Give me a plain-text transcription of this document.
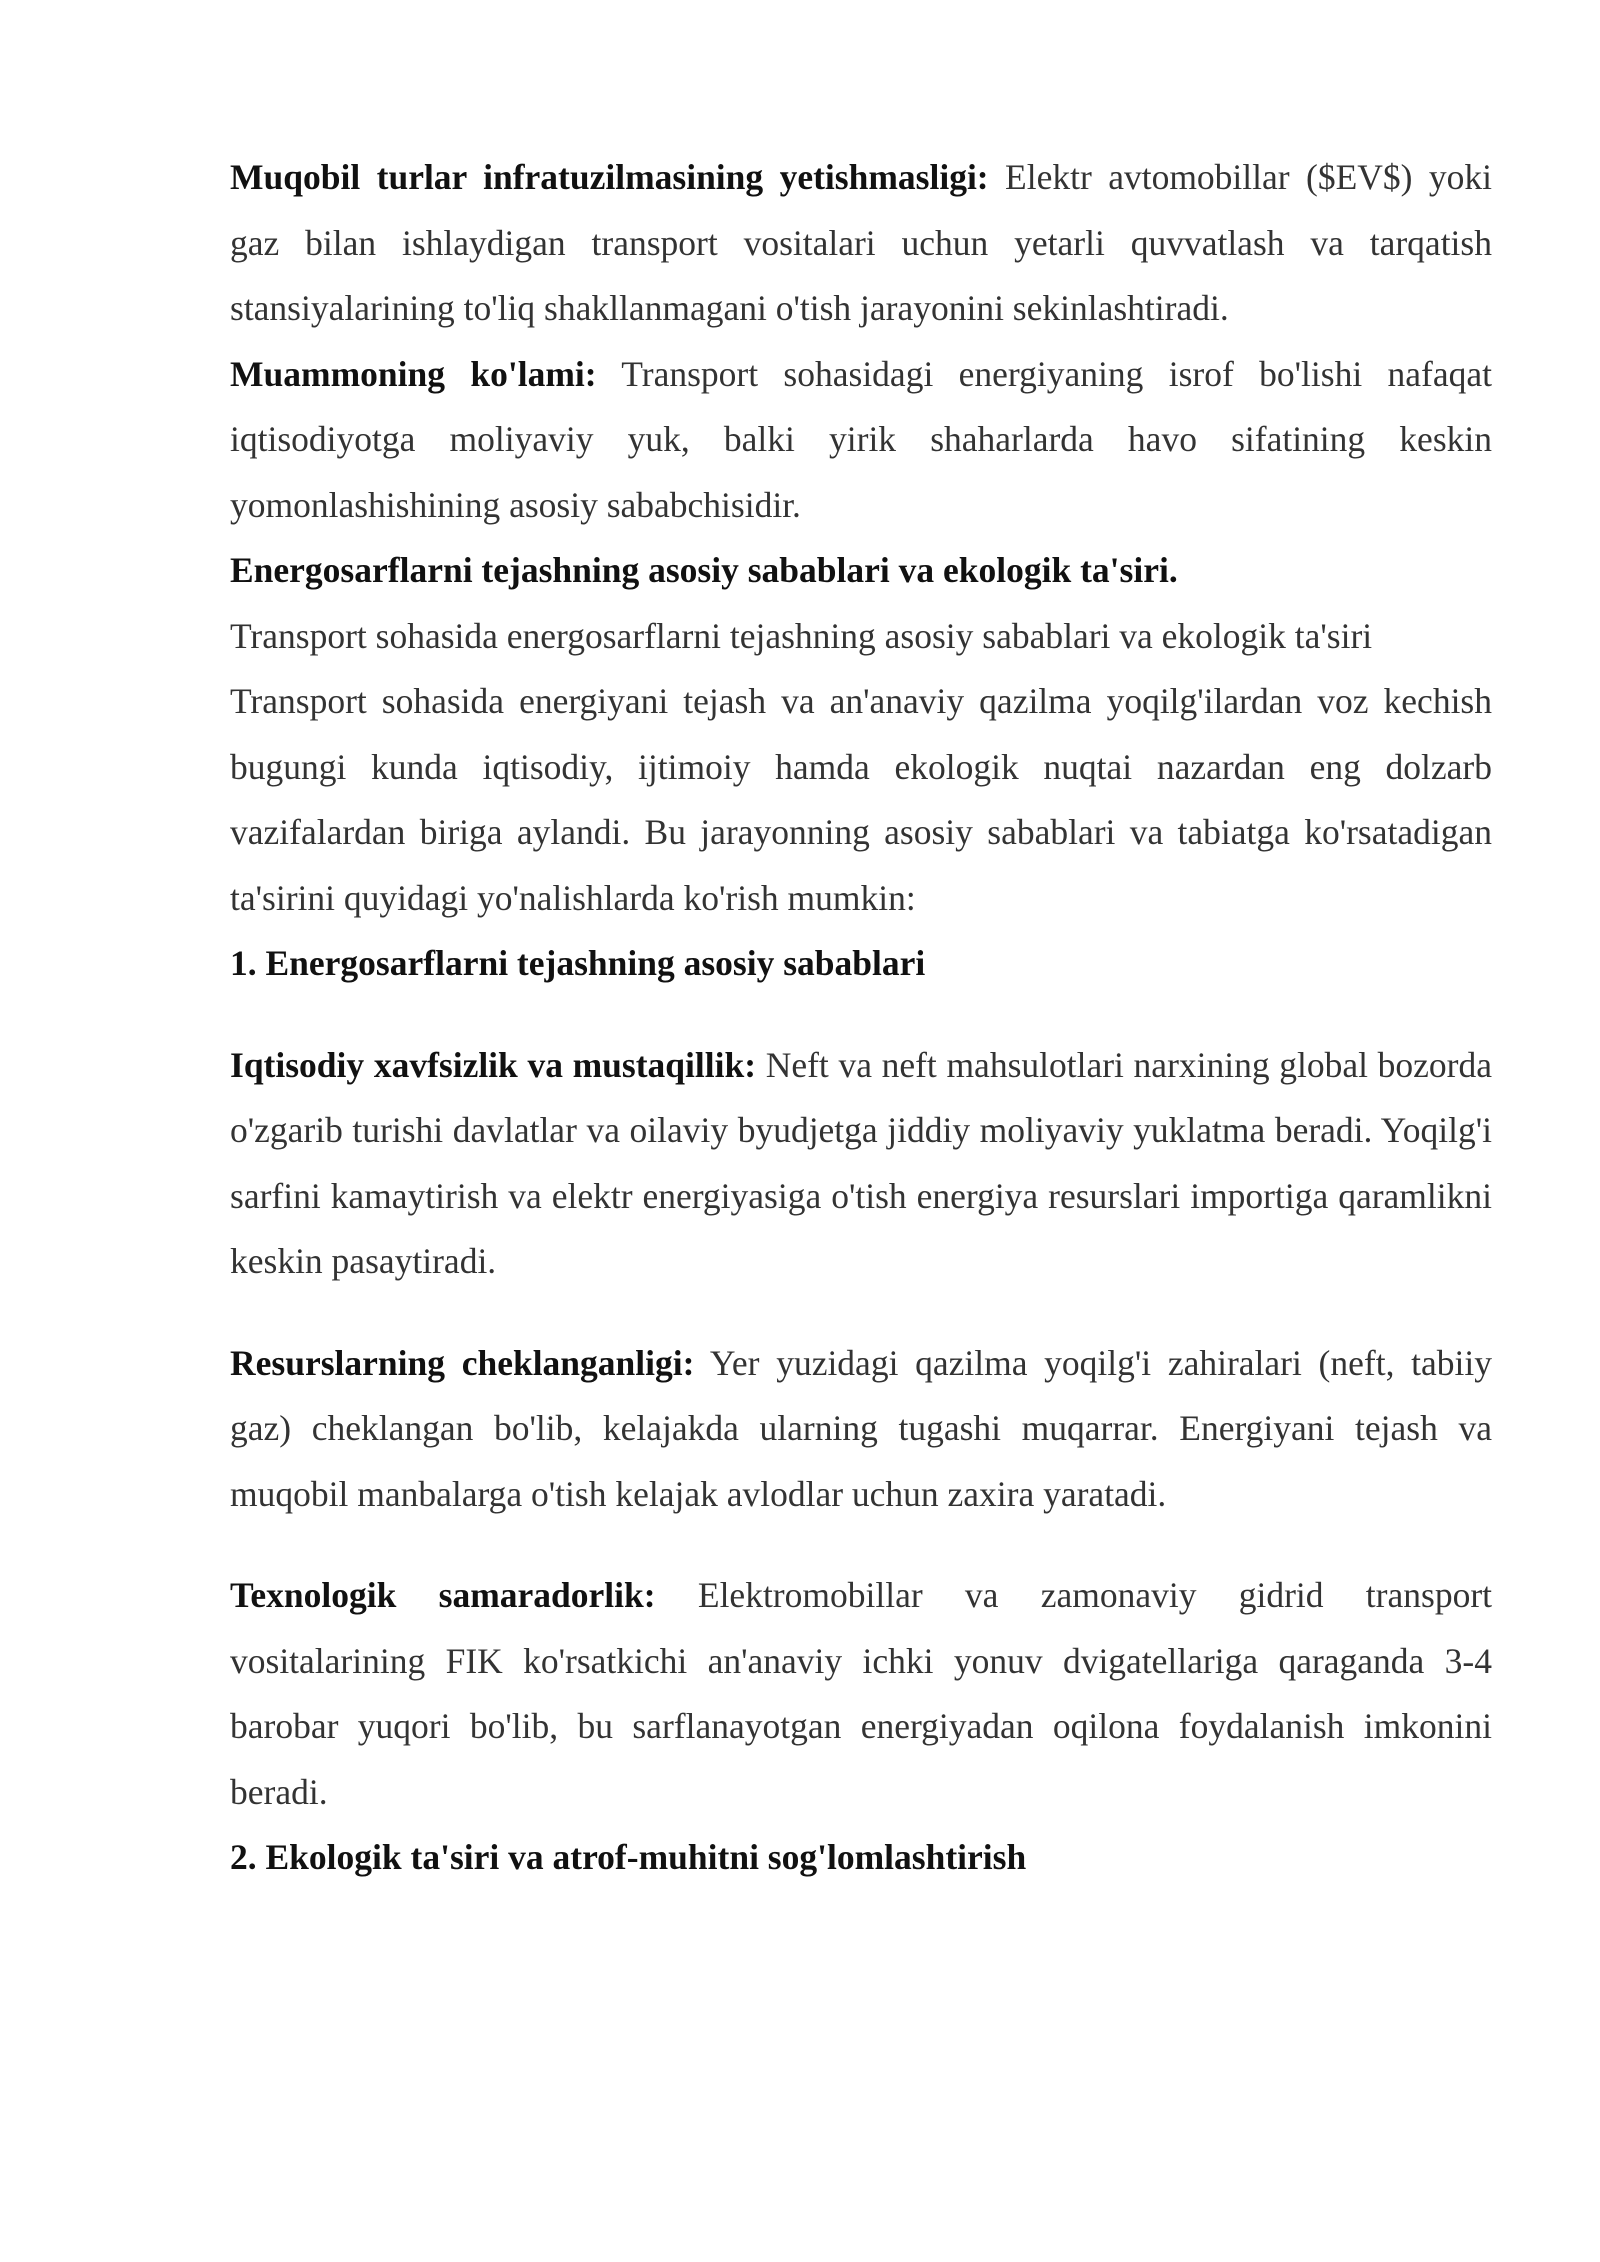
Muqobil turlar infratuzilmasining yetishmasligi: Elektr avtomobillar ($EV$) yoki gaz bilan ishlaydigan transport vositalari uchun yetarli quvvatlash va tarqatish stansiyalarining to'liq shakllanmagani o'tish jarayonini sekinlashtiradi.

Muammoning ko'lami: Transport sohasidagi energiyaning isrof bo'lishi nafaqat iqtisodiyotga moliyaviy yuk, balki yirik shaharlarda havo sifatining keskin yomonlashishining asosiy sababchisidir.

Energosarflarni tejashning asosiy sabablari va ekologik ta'siri.

Transport sohasida energosarflarni tejashning asosiy sabablari va ekologik ta'siri

Transport sohasida energiyani tejash va an'anaviy qazilma yoqilg'ilardan voz kechish bugungi kunda iqtisodiy, ijtimoiy hamda ekologik nuqtai nazardan eng dolzarb vazifalardan biriga aylandi. Bu jarayonning asosiy sabablari va tabiatga ko'rsatadigan ta'sirini quyidagi yo'nalishlarda ko'rish mumkin:

1. Energosarflarni tejashning asosiy sabablari

Iqtisodiy xavfsizlik va mustaqillik: Neft va neft mahsulotlari narxining global bozorda o'zgarib turishi davlatlar va oilaviy byudjetga jiddiy moliyaviy yuklatma beradi. Yoqilg'i sarfini kamaytirish va elektr energiyasiga o'tish energiya resurslari importiga qaramlikni keskin pasaytiradi.

Resurslarning cheklanganligi: Yer yuzidagi qazilma yoqilg'i zahiralari (neft, tabiiy gaz) cheklangan bo'lib, kelajakda ularning tugashi muqarrar. Energiyani tejash va muqobil manbalarga o'tish kelajak avlodlar uchun zaxira yaratadi.

Texnologik samaradorlik: Elektromobillar va zamonaviy gidrid transport vositalarining FIK ko'rsatkichi an'anaviy ichki yonuv dvigatellariga qaraganda 3-4 barobar yuqori bo'lib, bu sarflanayotgan energiyadan oqilona foydalanish imkonini beradi.

2. Ekologik ta'siri va atrof-muhitni sog'lomlashtirish
